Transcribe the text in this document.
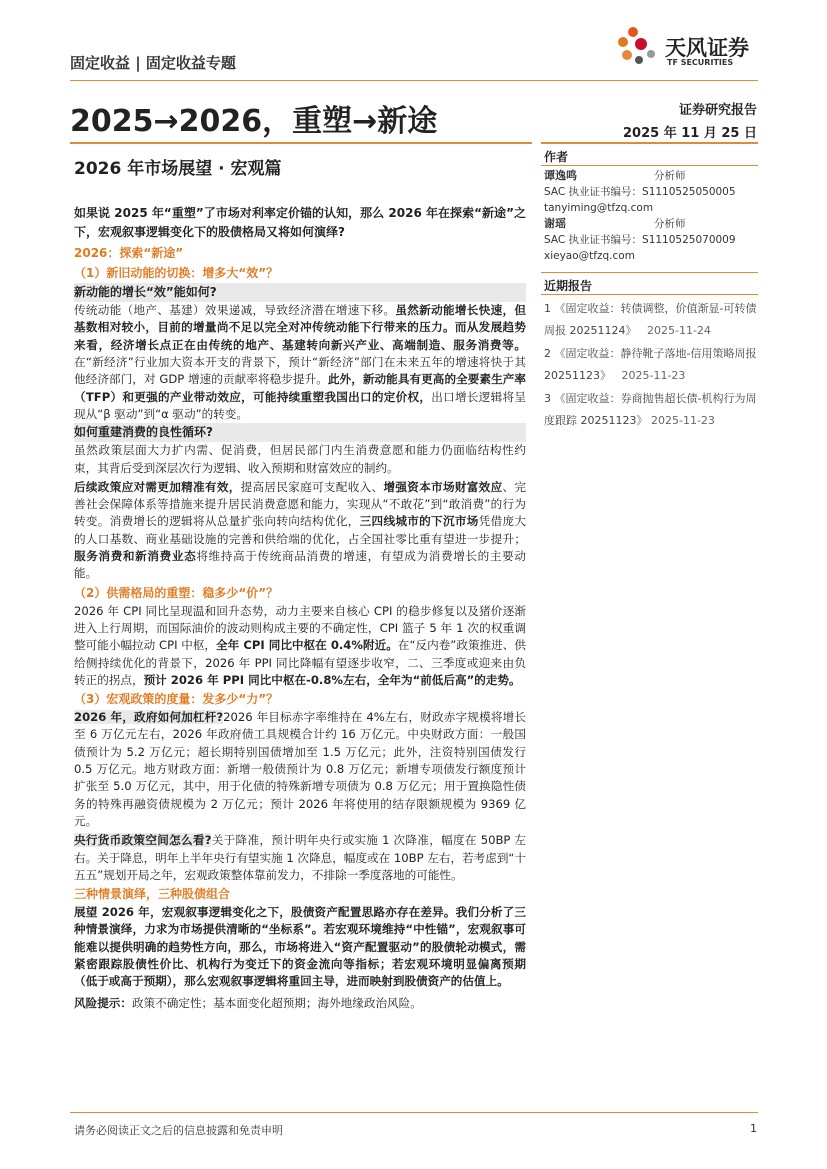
固定收益 | 固定收益专题
天风证券
TF SECURITIES
2025→2026，重塑→新途	证券研究报告
2025 年 11 月 25 日
2026 年市场展望 · 宏观篇
作者
谭逸鸣	分析师
SAC 执业证书编号：S1110525050005
tanyiming@tfzq.com
谢瑶	分析师
SAC 执业证书编号：S1110525070009
xieyao@tfzq.com
近期报告
1 《固定收益：转债调整，价值渐显-可转债周报 20251124》 2025-11-24
2 《固定收益：静待靴子落地-信用策略周报 20251123》 2025-11-23
3 《固定收益：券商抛售超长债-机构行为周度跟踪 20251123》 2025-11-23

如果说 2025 年“重塑”了市场对利率定价锚的认知，那么 2026 年在探索“新途”之下，宏观叙事逻辑变化下的股债格局又将如何演绎?

2026：探索“新途”
（1）新旧动能的切换：增多大“效”？
新动能的增长“效”能如何?

传统动能（地产、基建）效果递减，导致经济潜在增速下移。虽然新动能增长快速，但基数相对较小，目前的增量尚不足以完全对冲传统动能下行带来的压力。而从发展趋势来看，经济增长点正在由传统的地产、基建转向新兴产业、高端制造、服务消费等。在“新经济”行业加大资本开支的背景下，预计“新经济”部门在未来五年的增速将快于其他经济部门，对 GDP 增速的贡献率将稳步提升。此外，新动能具有更高的全要素生产率（TFP）和更强的产业带动效应，可能持续重塑我国出口的定价权，出口增长逻辑将呈现从“β 驱动”到“α 驱动”的转变。

如何重建消费的良性循环?

虽然政策层面大力扩内需、促消费，但居民部门内生消费意愿和能力仍面临结构性约束，其背后受到深层次行为逻辑、收入预期和财富效应的制约。

后续政策应对需更加精准有效，提高居民家庭可支配收入、增强资本市场财富效应、完善社会保障体系等措施来提升居民消费意愿和能力，实现从“不敢花”到“敢消费”的行为转变。消费增长的逻辑将从总量扩张向转向结构优化，三四线城市的下沉市场凭借庞大的人口基数、商业基础设施的完善和供给端的优化，占全国社零比重有望进一步提升；服务消费和新消费业态将维持高于传统商品消费的增速，有望成为消费增长的主要动能。

（2）供需格局的重塑：稳多少“价”？

2026 年 CPI 同比呈现温和回升态势，动力主要来自核心 CPI 的稳步修复以及猪价逐渐进入上行周期，而国际油价的波动则构成主要的不确定性，CPI 篮子 5 年 1 次的权重调整可能小幅拉动 CPI 中枢，全年 CPI 同比中枢在 0.4%附近。在“反内卷”政策推进、供给侧持续优化的背景下，2026 年 PPI 同比降幅有望逐步收窄，二、三季度或迎来由负转正的拐点，预计 2026 年 PPI 同比中枢在-0.8%左右，全年为“前低后高”的走势。

（3）宏观政策的度量：发多少“力”？

2026 年，政府如何加杠杆?2026 年目标赤字率维持在 4%左右，财政赤字规模将增长至 6 万亿元左右，2026 年政府债工具规模合计约 16 万亿元。中央财政方面：一般国债预计为 5.2 万亿元；超长期特别国债增加至 1.5 万亿元；此外，注资特别国债发行 0.5 万亿元。地方财政方面：新增一般债预计为 0.8 万亿元；新增专项债发行额度预计扩张至 5.0 万亿元，其中，用于化债的特殊新增专项债为 0.8 万亿元；用于置换隐性债务的特殊再融资债规模为 2 万亿元；预计 2026 年将使用的结存限额规模为 9369 亿元。

央行货币政策空间怎么看?关于降准，预计明年央行或实施 1 次降准，幅度在 50BP 左右。关于降息，明年上半年央行有望实施 1 次降息，幅度或在 10BP 左右，若考虑到“十五五”规划开局之年，宏观政策整体靠前发力，不排除一季度落地的可能性。

三种情景演绎，三种股债组合

展望 2026 年，宏观叙事逻辑变化之下，股债资产配置思路亦存在差异。我们分析了三种情景演绎，力求为市场提供清晰的“坐标系”。若宏观环境维持“中性锚”，宏观叙事可能难以提供明确的趋势性方向，那么，市场将进入“资产配置驱动”的股债轮动模式，需紧密跟踪股债性价比、机构行为变迁下的资金流向等指标；若宏观环境明显偏离预期（低于或高于预期），那么宏观叙事逻辑将重回主导，进而映射到股债资产的估值上。

风险提示：政策不确定性；基本面变化超预期；海外地缘政治风险。

请务必阅读正文之后的信息披露和免责申明	1
